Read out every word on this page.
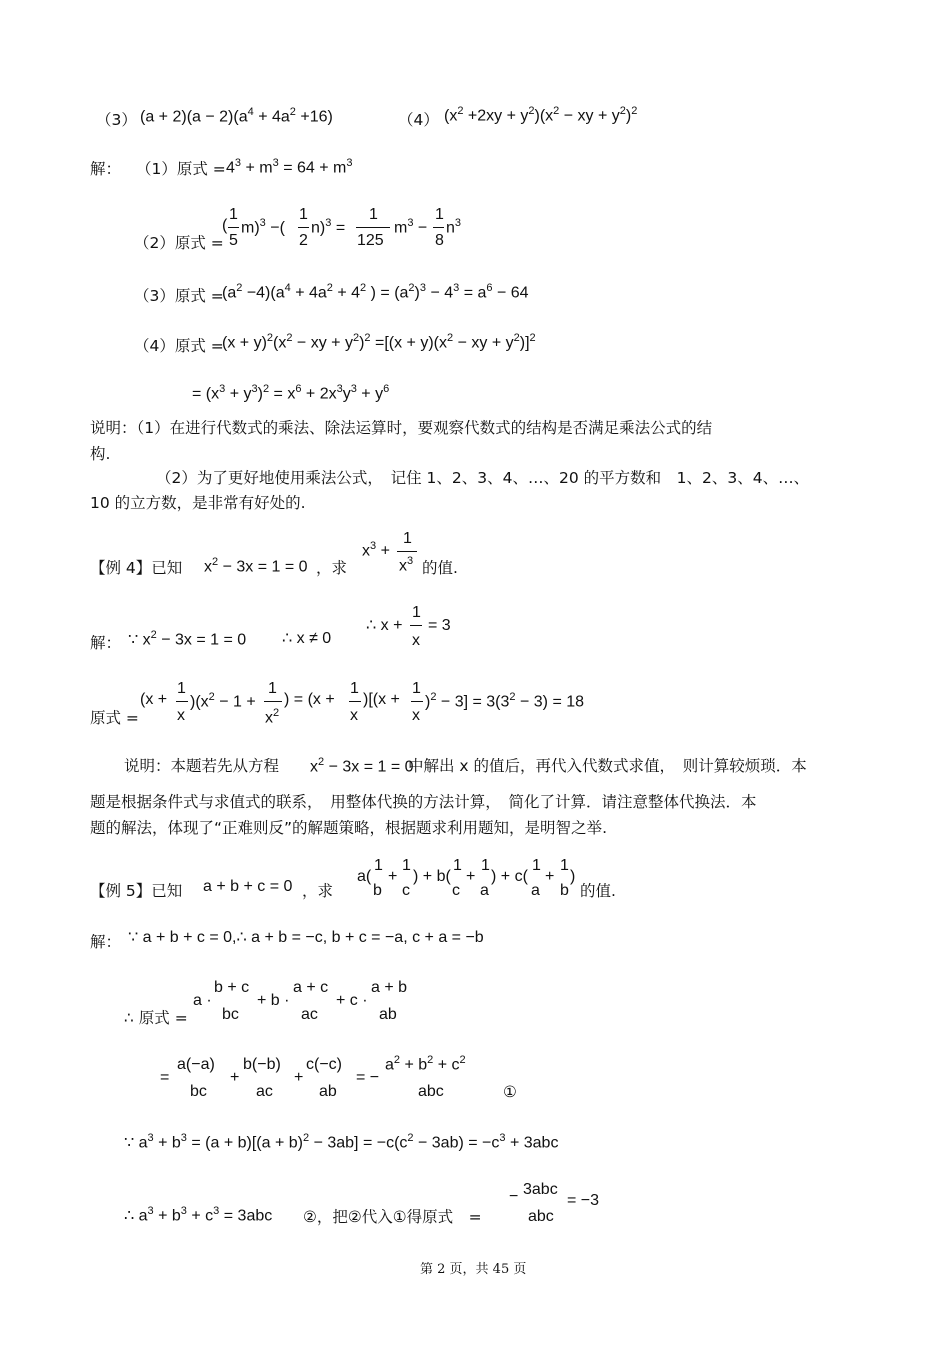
（3） $(a + 2)(a - 2)(a^4 + 4a^2 +16)$	（4） $(x^2 +2xy + y^2)(x^2$ − xy + $y^2)^2$
解： （1）原式 = $4^3 + m^3 = 64 + m^3$
（2）原式 =
(
1
5
m)$^3$ −(
1
2
n)$^3$ =
1
125
$m^3$ −
1
8
$n^3$
（3）原式 =
$(a^2 -4)(a^4 + 4a^2 + 4^2$ ) = $(a^2)^3 - 4^3 = a^6 - 64$
（4）原式 =
$(x + y)^2(x^2$ − xy + $y^2)^2 =[(x + y)(x^2$ − xy + $y^2)]^2$
= $(x^3 + y^3)^2 = x^6 + 2x^3y^3 + y^6$
说明：（1）在进行代数式的乘法、除法运算时，要观察代数式的结构是否满足乘法公式的结
构.
（2）为了更好地使用乘法公式，　记住 1、2、3、4、…、20 的平方数和　1、2、3、4、…、
10 的立方数，是非常有好处的.
【例 4】已知 $x^2 - 3x = 1 = 0$ ，求
$x^3$ +
1
$x^3$ 的值.
解： ∵ $x^2 - 3x = 1 = 0$ ∴ x ≠ 0
∴ x +
1
x
= 3
原式 =
(x +
1
x
)($x^2 - 1$ +
1
$x^2$
) = (x +
1
x
)[(x +
1
x
)$^2 - 3] = 3(3^2 - 3) = 18$
说明：本题若先从方程 $x^2 - 3x = 1 = 0$
中解出 x 的值后，再代入代数式求值，　则计算较烦琐．本
题是根据条件式与求值式的联系，　用整体代换的方法计算，　简化了计算．请注意整体代换法．本
题的解法，体现了“正难则反”的解题策略，根据题求利用题知，是明智之举.
【例 5】已知 a + b + c = 0 ，求
a(
1
b
+
1
c
) + b(
1
c
+
1
a
) + c(
1
a
+
1
b
)
的值.
解： ∵ a + b + c = 0,∴ a + b = −c, b + c = −a, c + a = −b
∴ 原式 =
a ·
b + c
bc
+ b ·
a + c
ac
+ c ·
a + b
ab
=
a(−a)
bc
+
b(−b)
ac
+
c(−c)
ab
= −
$a^2 + b^2 + c^2$
abc	①
∵ $a^3 + b^3 = (a + b)[(a + b)^2 - 3ab] = -c(c^2 - 3ab) = -c^3 + 3abc$
∴ $a^3 + b^3 + c^3 = 3abc$ ②，把②代入①得原式　=
− 3abc
abc
= −3
第 2 页，共 45 页
